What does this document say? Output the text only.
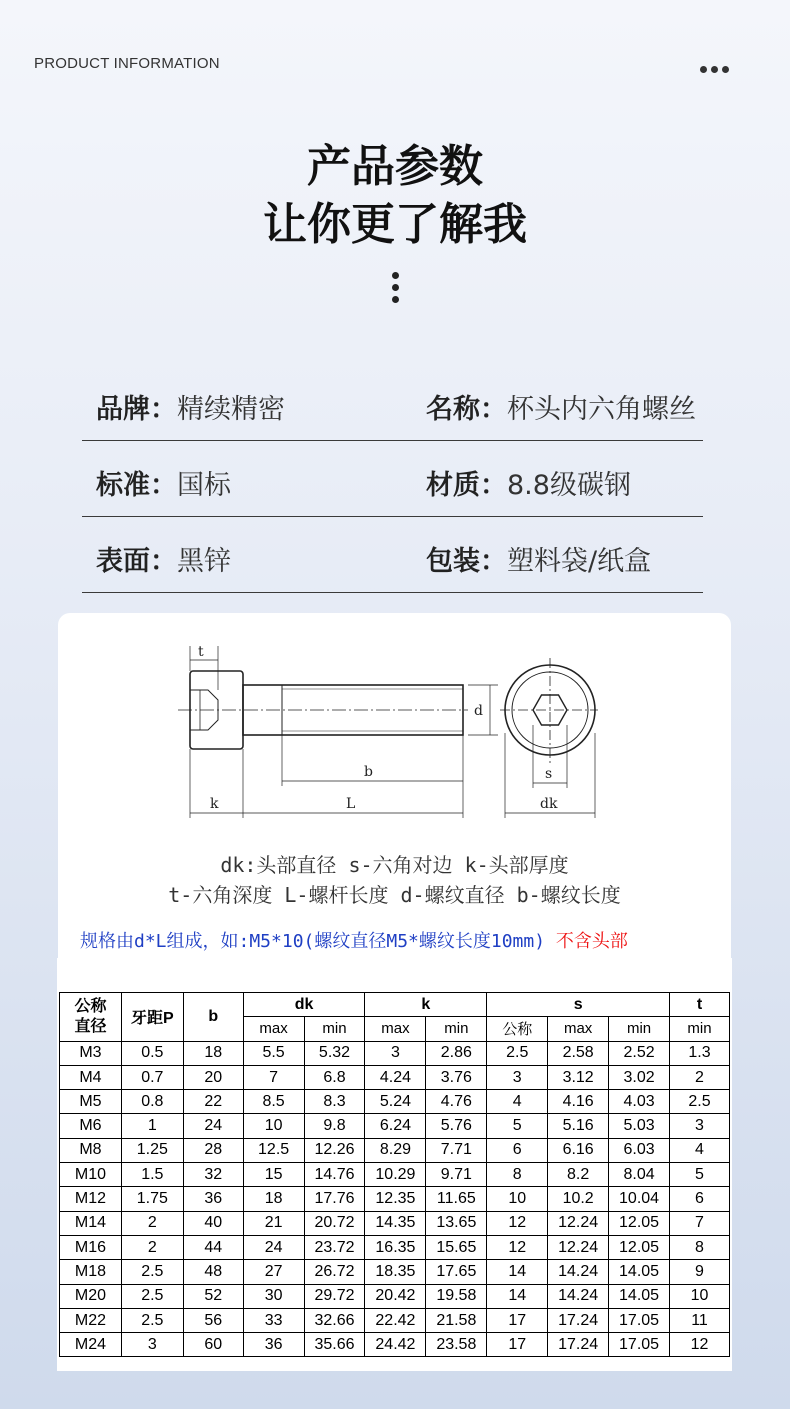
PRODUCT INFORMATION
产品参数
让你更了解我
品牌：精续精密	名称：杯头内六角螺丝
标准：国标	材质：8.8级碳钢
表面：黑锌	包装：塑料袋/纸盒
t
d
b
k	L
s
dk
dk:头部直径 s-六角对边 k-头部厚度
t-六角深度 L-螺杆长度 d-螺纹直径 b-螺纹长度
规格由d*L组成，如:M5*10(螺纹直径M5*螺纹长度10mm) 不含头部
公称
直径	牙距P	b	dk		k		s			t
			max	min	max	min	公称	max	min	min
M3	0.5	18	5.5	5.32	3	2.86	2.5	2.58	2.52	1.3
M4	0.7	20	7	6.8	4.24	3.76	3	3.12	3.02	2
M5	0.8	22	8.5	8.3	5.24	4.76	4	4.16	4.03	2.5
M6	1	24	10	9.8	6.24	5.76	5	5.16	5.03	3
M8	1.25	28	12.5	12.26	8.29	7.71	6	6.16	6.03	4
M10	1.5	32	15	14.76	10.29	9.71	8	8.2	8.04	5
M12	1.75	36	18	17.76	12.35	11.65	10	10.2	10.04	6
M14	2	40	21	20.72	14.35	13.65	12	12.24	12.05	7
M16	2	44	24	23.72	16.35	15.65	12	12.24	12.05	8
M18	2.5	48	27	26.72	18.35	17.65	14	14.24	14.05	9
M20	2.5	52	30	29.72	20.42	19.58	14	14.24	14.05	10
M22	2.5	56	33	32.66	22.42	21.58	17	17.24	17.05	11
M24	3	60	36	35.66	24.42	23.58	17	17.24	17.05	12
